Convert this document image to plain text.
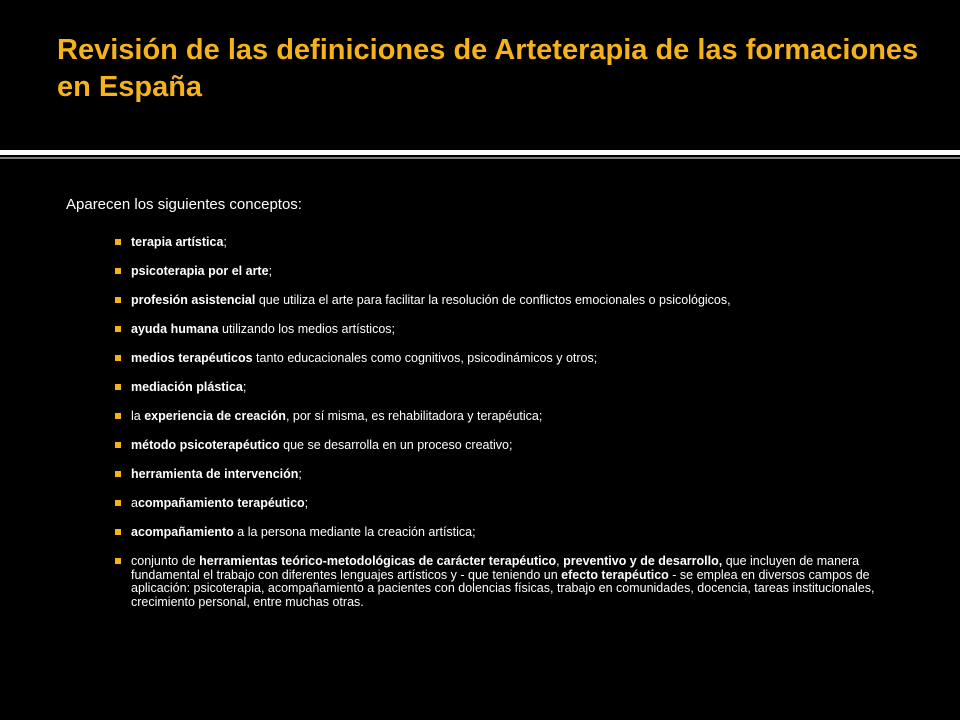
Revisión de las definiciones de Arteterapia de las formaciones en España
Aparecen los siguientes conceptos:
terapia artística;
psicoterapia por el arte;
profesión asistencial que utiliza el arte para facilitar la resolución de conflictos emocionales o psicológicos,
ayuda humana utilizando los medios artísticos;
medios terapéuticos tanto educacionales como cognitivos, psicodinámicos y otros;
mediación plástica;
la experiencia de creación, por sí misma, es rehabilitadora y terapéutica;
método psicoterapéutico que se desarrolla en un proceso creativo;
herramienta de intervención;
acompañamiento terapéutico;
acompañamiento a la persona mediante la creación artística;
conjunto de herramientas teórico-metodológicas de carácter terapéutico, preventivo y de desarrollo, que incluyen de manera fundamental el trabajo con diferentes lenguajes artísticos y - que teniendo un efecto terapéutico - se emplea en diversos campos de aplicación: psicoterapia, acompañamiento a pacientes con dolencias físicas, trabajo en comunidades, docencia, tareas institucionales, crecimiento personal, entre muchas otras.
